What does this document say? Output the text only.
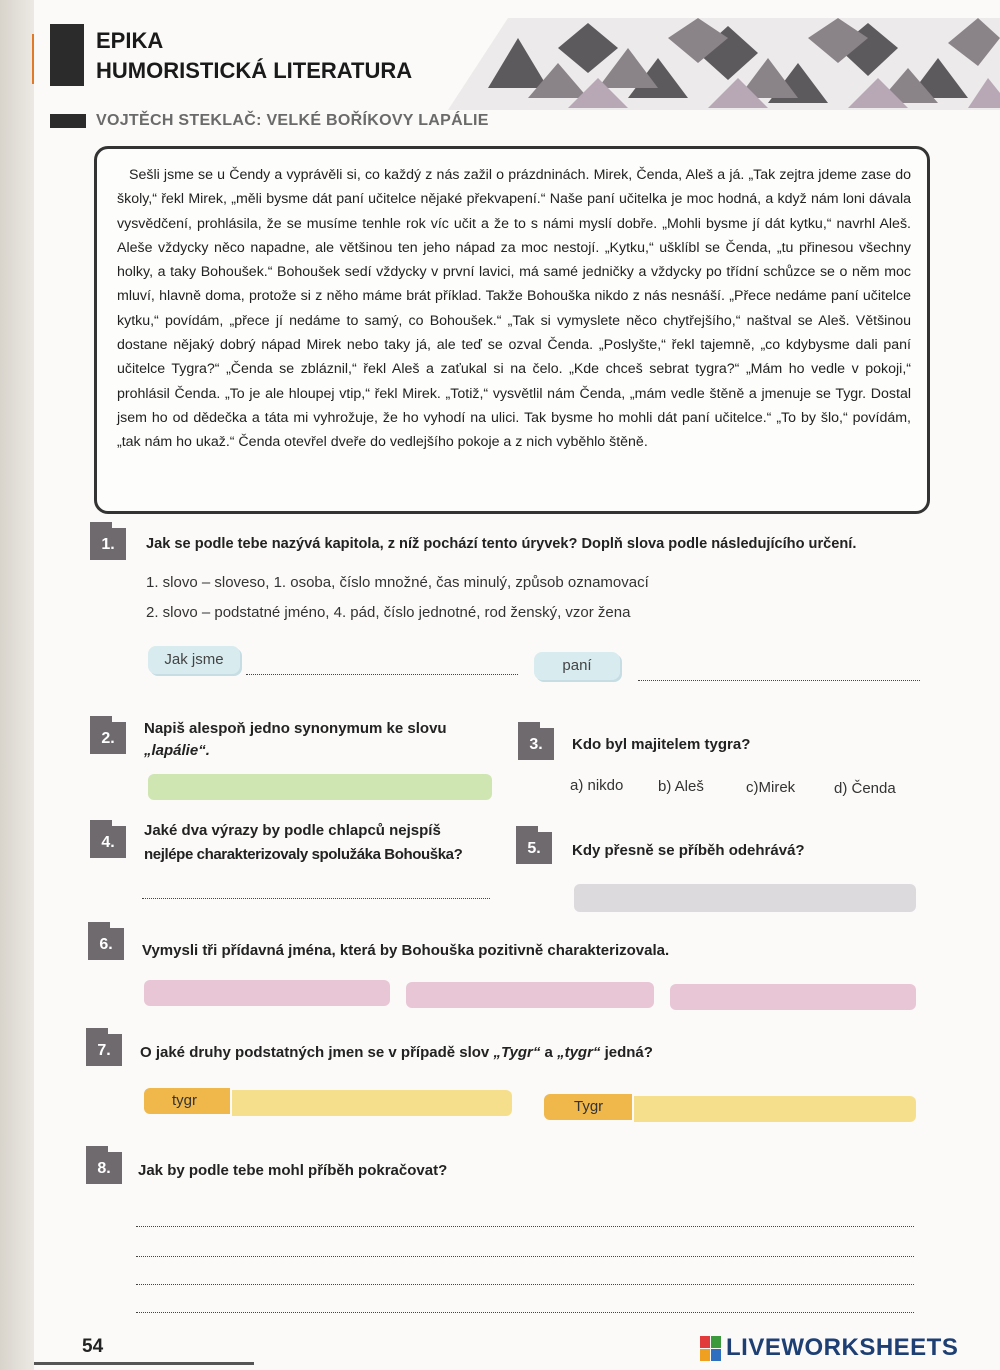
EPIKA
HUMORISTICKÁ LITERATURA
VOJTĚCH STEKLAČ: VELKÉ BOŘÍKOVY LAPÁLIE

Sešli jsme se u Čendy a vyprávěli si, co každý z nás zažil o prázdninách. Mirek, Čenda, Aleš a já. „Tak zejtra jdeme zase do školy,“ řekl Mirek, „měli bysme dát paní učitelce nějaké překvapení.“ Naše paní učitelka je moc hodná, a když nám loni dávala vysvědčení, prohlásila, že se musíme tenhle rok víc učit a že to s námi myslí dobře. „Mohli bysme jí dát kytku,“ navrhl Aleš. Aleše vždycky něco napadne, ale většinou ten jeho nápad za moc nestojí. „Kytku,“ ušklíbl se Čenda, „tu přinesou všechny holky, a taky Bohoušek.“ Bohoušek sedí vždycky v první lavici, má samé jedničky a vždycky po třídní schůzce se o něm moc mluví, hlavně doma, protože si z něho máme brát příklad. Takže Bohouška nikdo z nás nesnáší. „Přece nedáme paní učitelce kytku,“ povídám, „přece jí nedáme to samý, co Bohoušek.“ „Tak si vymyslete něco chytřejšího,“ naštval se Aleš. Většinou dostane nějaký dobrý nápad Mirek nebo taky já, ale teď se ozval Čenda. „Poslyšte,“ řekl tajemně, „co kdybysme dali paní učitelce Tygra?“ „Čenda se zbláznil,“ řekl Aleš a zaťukal si na čelo. „Kde chceš sebrat tygra?“ „Mám ho vedle v pokoji,“ prohlásil Čenda. „To je ale hloupej vtip,“ řekl Mirek. „Totiž,“ vysvětlil nám Čenda, „mám vedle štěně a jmenuje se Tygr. Dostal jsem ho od dědečka a táta mi vyhrožuje, že ho vyhodí na ulici. Tak bysme ho mohli dát paní učitelce.“ „To by šlo,“ povídám, „tak nám ho ukaž.“ Čenda otevřel dveře do vedlejšího pokoje a z nich vyběhlo štěně.

1.	Jak se podle tebe nazývá kapitola, z níž pochází tento úryvek? Doplň slova podle následujícího určení.
1. slovo – sloveso, 1. osoba, číslo množné, čas minulý, způsob oznamovací
2. slovo – podstatné jméno, 4. pád, číslo jednotné, rod ženský, vzor žena
Jak jsme	paní
2.
Napiš alespoň jedno synonymum ke slovu
„lapálie“.	3.	Kdo byl majitelem tygra?
a) nikdo b) Aleš	c)Mirek	d) Čenda
4.
Jaké dva výrazy by podle chlapců nejspíš
nejlépe charakterizovaly spolužáka Bohouška?	5.	Kdy přesně se příběh odehrává?
6.	Vymysli tři přídavná jména, která by Bohouška pozitivně charakterizovala.
7.	O jaké druhy podstatných jmen se v případě slov „Tygr“ a „tygr“ jedná?
tygr	Tygr
8.	Jak by podle tebe mohl příběh pokračovat?
54	LIVEWORKSHEETS
